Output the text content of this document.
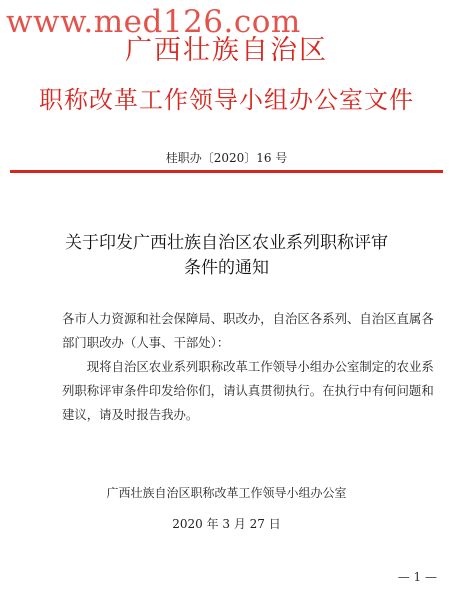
www.med126.com
广西壮族自治区
职称改革工作领导小组办公室文件
桂职办〔2020〕16 号
关于印发广西壮族自治区农业系列职称评审
条件的通知

各市人力资源和社会保障局、职改办，自治区各系列、自治区直属各部门职改办（人事、干部处）：

现将自治区农业系列职称改革工作领导小组办公室制定的农业系列职称评审条件印发给你们，请认真贯彻执行。在执行中有何问题和建议，请及时报告我办。

广西壮族自治区职称改革工作领导小组办公室
2020 年 3 月 27 日
— 1 —
